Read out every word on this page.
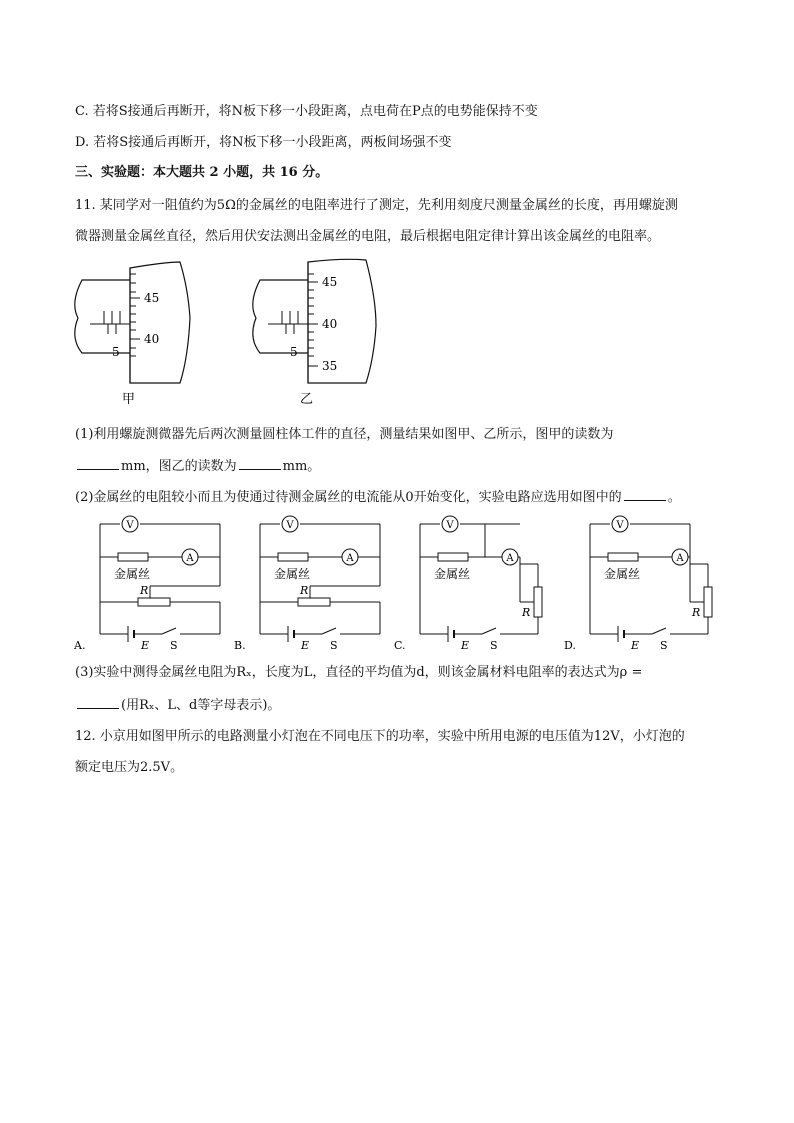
C. 若将S接通后再断开，将N板下移一小段距离，点电荷在P点的电势能保持不变
D. 若将S接通后再断开，将N板下移一小段距离，两板间场强不变
三、实验题：本大题共 2 小题，共 16 分。
11. 某同学对一阻值约为5Ω的金属丝的电阻率进行了测定，先利用刻度尺测量金属丝的长度，再用螺旋测
微器测量金属丝直径，然后用伏安法测出金属丝的电阻，最后根据电阻定律计算出该金属丝的电阻率。
45
40
5
甲
45
40
35
5
乙
(1)利用螺旋测微器先后两次测量圆柱体工件的直径，测量结果如图甲、乙所示，图甲的读数为
mm，图乙的读数为	mm。
(2)金属丝的电阻较小而且为使通过待测金属丝的电流能从0开始变化，实验电路应选用如图中的	。
V
A
金属丝
E S
A.
R
V
A
金属丝
E S
B.
R
V
A
金属丝
E S
C.
R
V
A
金属丝
E S
D.
R
(3)实验中测得金属丝电阻为Rₓ，长度为L，直径的平均值为d，则该金属材料电阻率的表达式为ρ =
(用Rₓ、L、d等字母表示)。
12. 小京用如图甲所示的电路测量小灯泡在不同电压下的功率，实验中所用电源的电压值为12V，小灯泡的
额定电压为2.5V。
